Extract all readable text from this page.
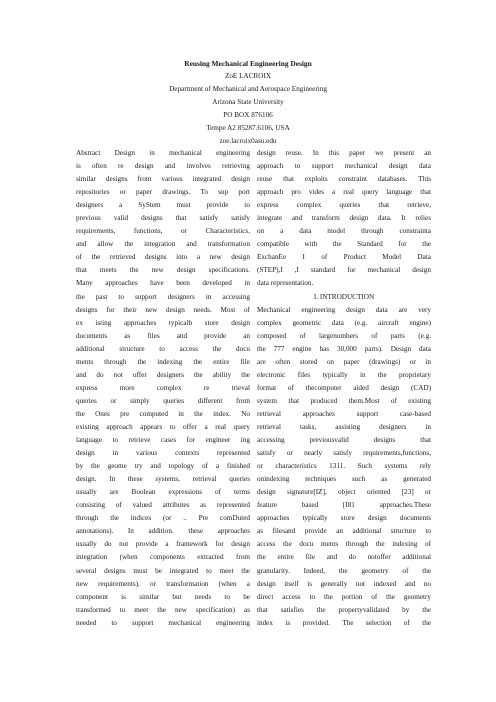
Reusing Mechanical Engineering Design
ZoE LACROIX
Department of Mechanical and Aerospace Engineering
Arizona State University
PO BOX 876106
Tempe A2 85287.6106, USA
zoe.lacroix0asu.edu
Abstract Design in mechanical engineering
is often re design and involves retrieving
similar designs from various integrated design
repositories or paper drawings. To sup port
designers a SyStem must provide to
previous valid designs that satisfy satisfy
requirements, functions, or Characteristics,
and allow the integration and transformation
of the retrieved designs into a new design
that meets the new design specifications.
Many approaches have been developed in
the past to support designers in accessing
designs for their new design needs. Most of
ex isting approaches typicalb store design
documents as files and provide an
additional structure to access the docu
ments through the indexing the entire file
and do not offer designers the ability the
express more complex re trieval
queries or simply queries different from
the Ones pre computed in the index. No
existing approach appears to offer a real query
language to retrieve cases for engineer ing
design in various contexts represented
by the geome try and topology of a finished
design. In these systems, retrieval queries
usually are Boolean expressions of terms
consisting of valued attributes as represented
through the indices (or .. Pre comDuted
annotations). In addition. these approaches
usually do not provide a framework for design
integration (when components extracted from
several designs must be integrated to meet the
new requirements), or transformation (when a
component is similar but needs to be
transformed to meet the new specification) as
needed to support mechanical engineering
design reuse. In this paper we present an
approach to support mechanical design data
reuse that exploits constraint databases. This
approach pro vides a real query language that
express complex queries that retrieve,
integrate and transform design data. It relies
on a data model through constrainta
compatible with the Standard for the
ExchanEe I of Product Model Data
(STEP),I ,I standard for mechanical design
data representation.
I. INTRODUCTION
Mechanical engineering design data are very
complex geometric data (e.g. aircraft engine)
composed of largenumbers of parts (e.g.
the 777 engine has 30,000 parts). Design data
are often stored on paper (drawings) or in
electronic files typically in the proprietary
format of thecomputer aided design (CAD)
system that produced them.Most of existing
retrieval approaches support case-based
retrieval tasks, assisting designers in
accessing previousvalid designs that
satisfy or nearly satisfy requirements,functions,
or characteristics 1311. Such systems rely
onindexing techniques such as generated
design signature[IZ], object oriented [23] or
feature based [I81 approaches.These
approaches typically store design documents
as filesand provide an additional structure to
access the docu ments through the indexing of
the entire file and do notoffer additional
granularity. Indeed, the geometry of the
design itself is generally not indexed and no
direct access to the portion of the geometry
that satisfies the propertyvalidated by the
index is provided. The selection of the
